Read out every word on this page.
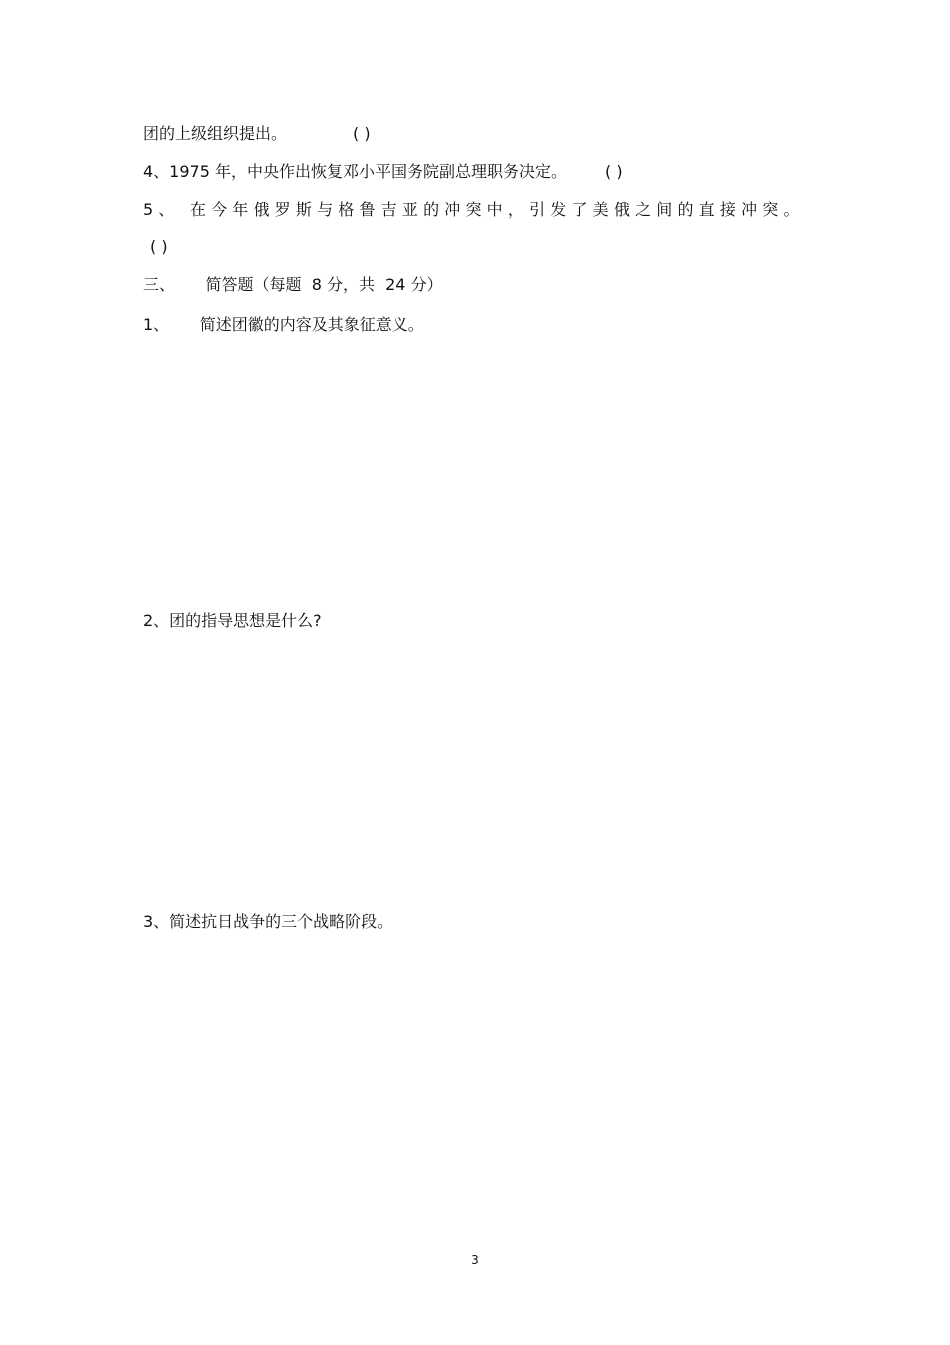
团的上级组织提出。	( )

4、1975 年，中央作出恢复邓小平国务院副总理职务决定。 ( )

5、 在今年俄罗斯与格鲁吉亚的冲突中，引发了美俄之间的直接冲突。

( )

三、      简答题（每题  8 分，共  24 分）

1、      简述团徽的内容及其象征意义。

2、团的指导思想是什么?

3、简述抗日战争的三个战略阶段。

3
